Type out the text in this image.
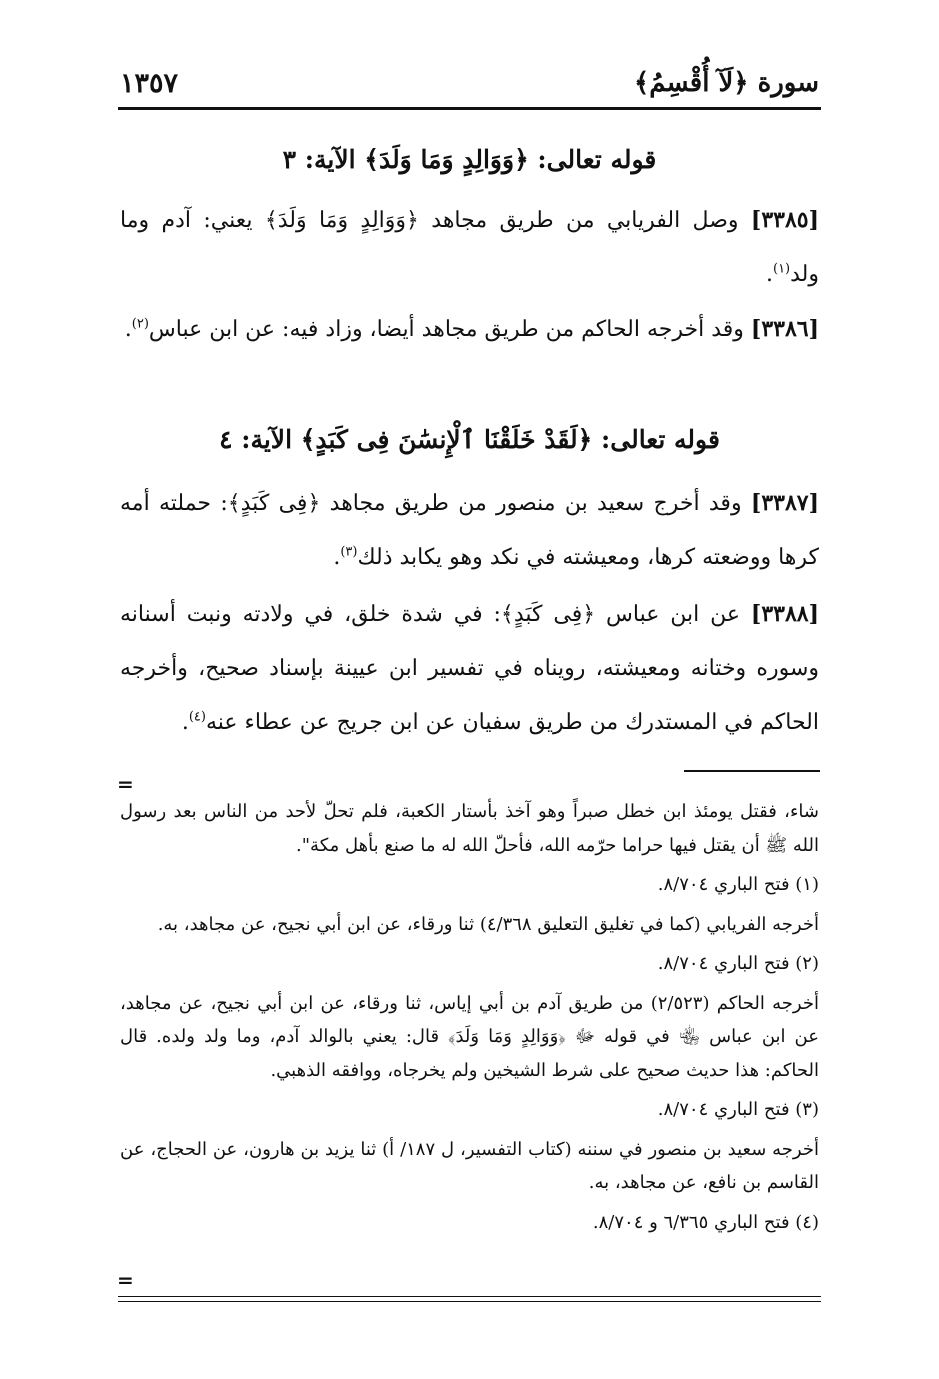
سورة ﴿لَآ أُقْسِمُ﴾
١٣٥٧
قوله تعالى: ﴿وَوَالِدٍ وَمَا وَلَدَ﴾ الآية: ٣
[٣٣٨٥] وصل الفريابي من طريق مجاهد ﴿وَوَالِدٍ وَمَا وَلَدَ﴾ يعني: آدم وما ولد$^{(١)}$.
[٣٣٨٦] وقد أخرجه الحاكم من طريق مجاهد أيضا، وزاد فيه: عن ابن عباس$^{(٢)}$.
قوله تعالى: ﴿لَقَدْ خَلَقْنَا ٱلْإِنسَٰنَ فِى كَبَدٍ﴾ الآية: ٤
[٣٣٨٧] وقد أخرج سعيد بن منصور من طريق مجاهد ﴿فِى كَبَدٍ﴾: حملته أمه كرها ووضعته كرها، ومعيشته في نكد وهو يكابد ذلك$^{(٣)}$.
[٣٣٨٨] عن ابن عباس ﴿فِى كَبَدٍ﴾: في شدة خلق، في ولادته ونبت أسنانه وسوره وختانه ومعيشته، رويناه في تفسير ابن عيينة بإسناد صحيح، وأخرجه الحاكم في المستدرك من طريق سفيان عن ابن جريج عن عطاء عنه$^{(٤)}$.
=
شاء، فقتل يومئذ ابن خطل صبراً وهو آخذ بأستار الكعبة، فلم تحلّ لأحد من الناس بعد رسول الله ﷺ أن يقتل فيها حراما حرّمه الله، فأحلّ الله له ما صنع بأهل مكة".
(١) فتح الباري ٨/٧٠٤.
أخرجه الفريابي (كما في تغليق التعليق ٤/٣٦٨) ثنا ورقاء، عن ابن أبي نجيح، عن مجاهد، به.
(٢) فتح الباري ٨/٧٠٤.
أخرجه الحاكم (٢/٥٢٣) من طريق آدم بن أبي إياس، ثنا ورقاء، عن ابن أبي نجيح، عن مجاهد، عن ابن عباس ﵄ في قوله ﷻ ﴿وَوَالِدٍ وَمَا وَلَدَ﴾ قال: يعني بالوالد آدم، وما ولد ولده. قال الحاكم: هذا حديث صحيح على شرط الشيخين ولم يخرجاه، ووافقه الذهبي.
(٣) فتح الباري ٨/٧٠٤.
أخرجه سعيد بن منصور في سننه (كتاب التفسير، ل ١٨٧/ أ) ثنا يزيد بن هارون، عن الحجاج، عن القاسم بن نافع، عن مجاهد، به.
(٤) فتح الباري ٦/٣٦٥ و ٨/٧٠٤.
=
